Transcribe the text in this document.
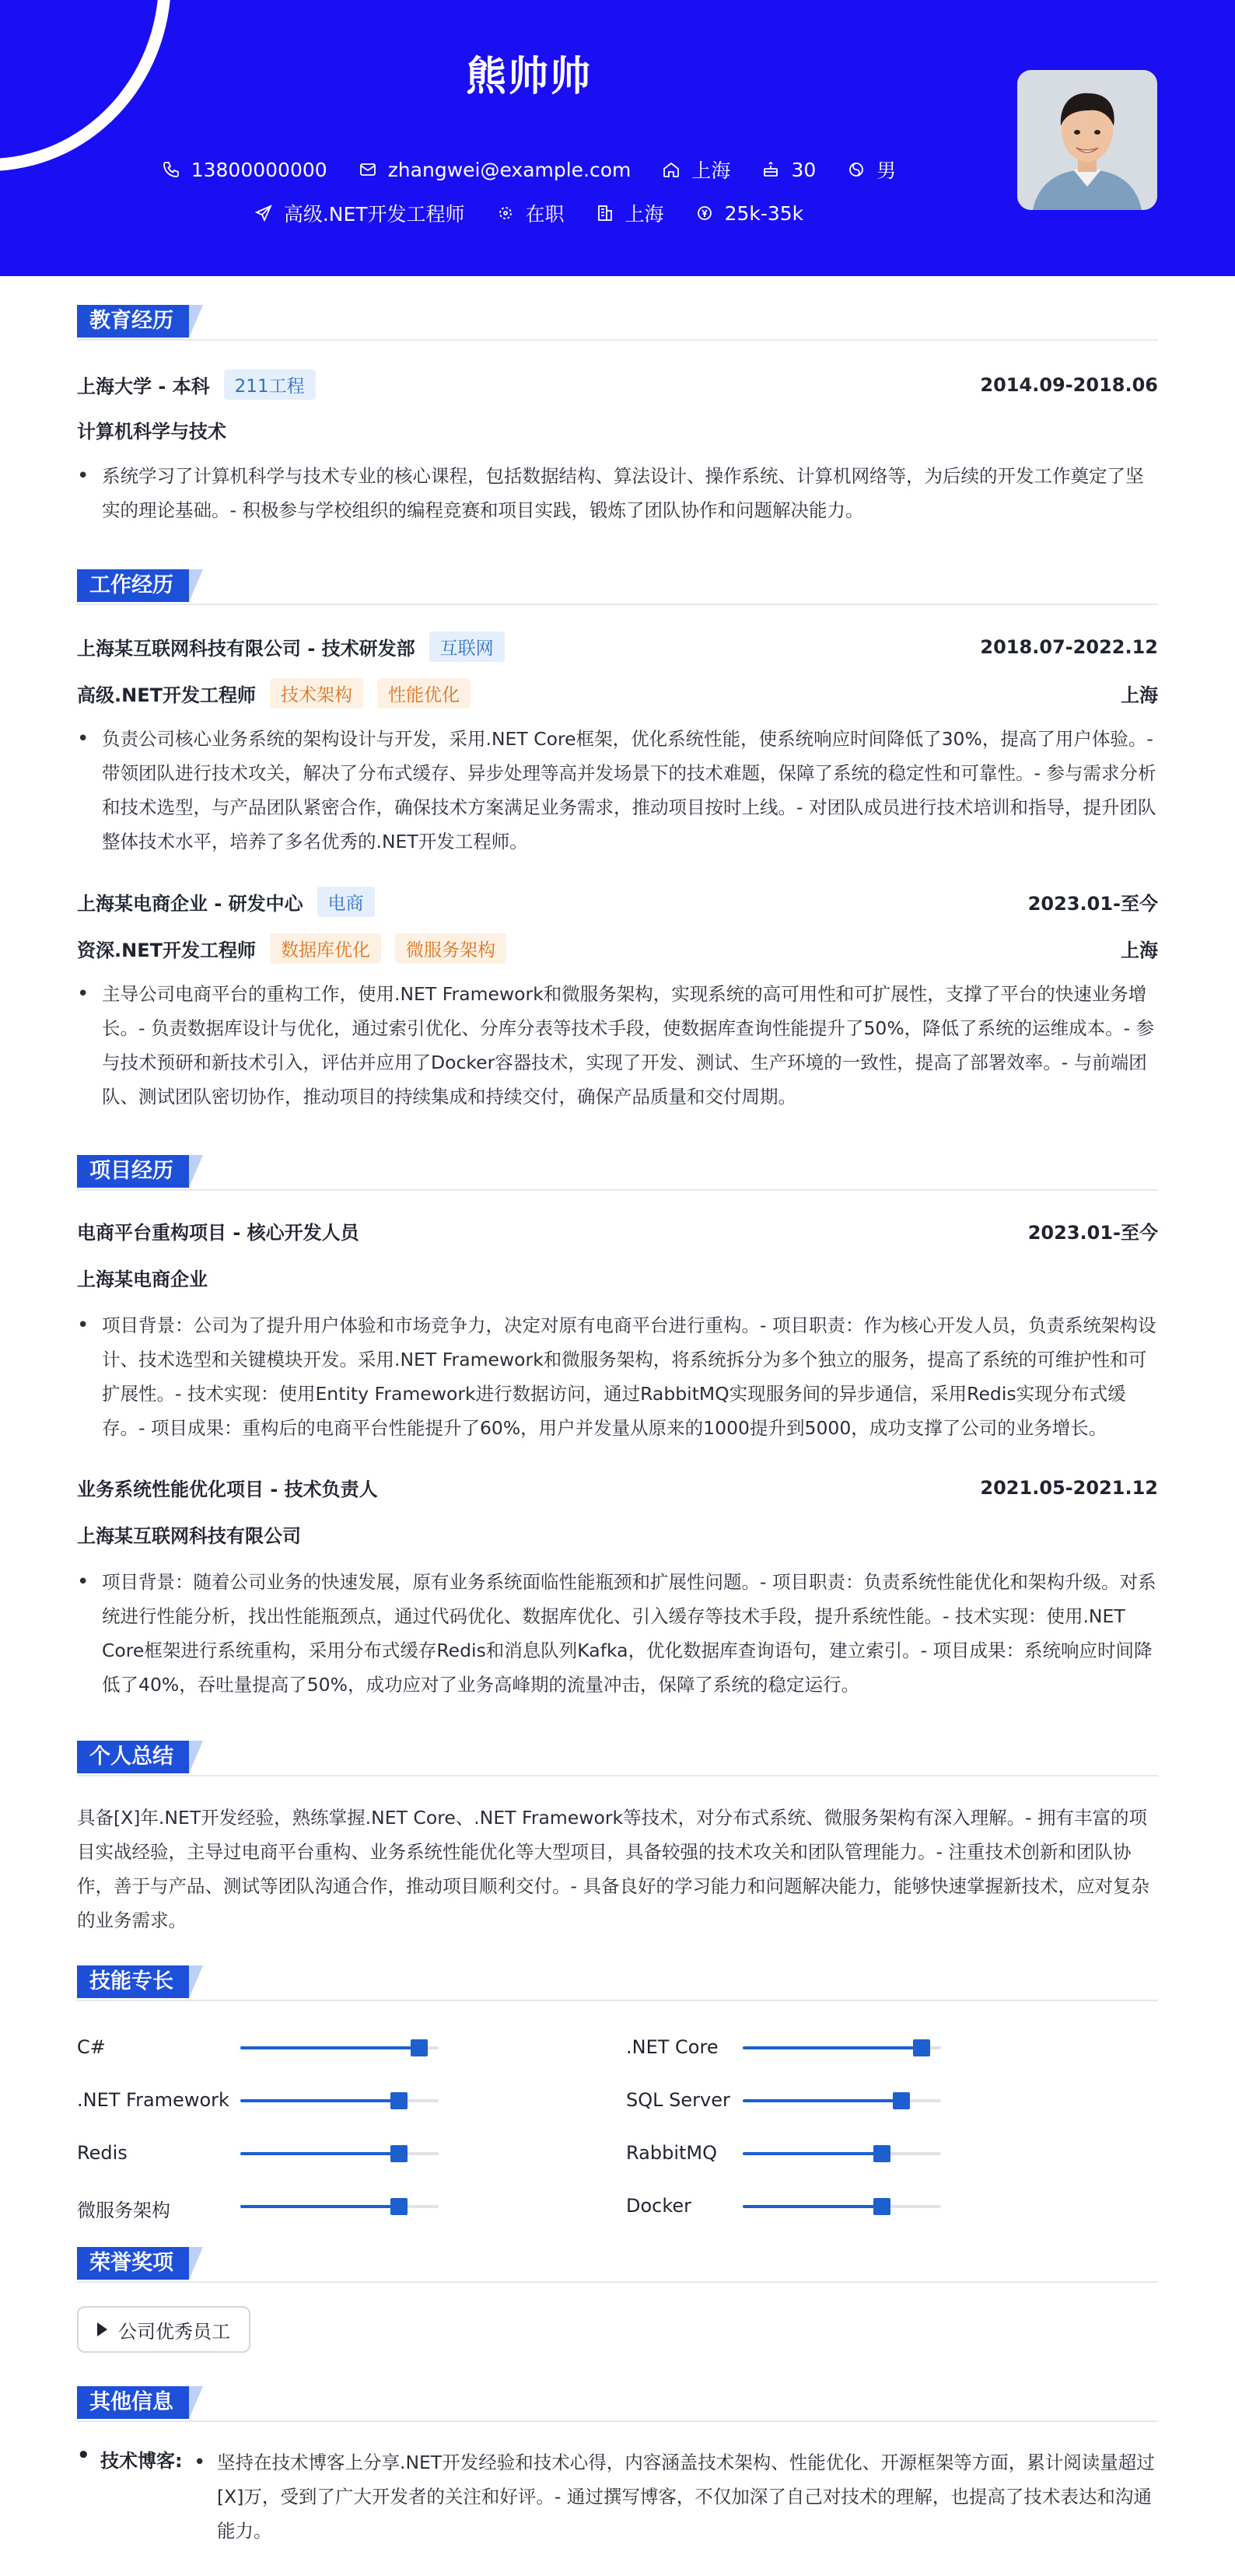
熊帅帅
13800000000	zhangwei@example.com	上海	30	男
高级.NET开发工程师	在职	上海	25k-35k
教育经历
上海大学 - 本科	211工程	2014.09-2018.06
计算机科学与技术
• 系统学习了计算机科学与技术专业的核心课程，包括数据结构、算法设计、操作系统、计算机网络等，为后续的开发工作奠定了坚实的理论基础。- 积极参与学校组织的编程竞赛和项目实践，锻炼了团队协作和问题解决能力。
工作经历
上海某互联网科技有限公司 - 技术研发部	互联网	2018.07-2022.12
高级.NET开发工程师	技术架构	性能优化	上海
• 负责公司核心业务系统的架构设计与开发，采用.NET Core框架，优化系统性能，使系统响应时间降低了30%，提高了用户体验。- 带领团队进行技术攻关，解决了分布式缓存、异步处理等高并发场景下的技术难题，保障了系统的稳定性和可靠性。- 参与需求分析和技术选型，与产品团队紧密合作，确保技术方案满足业务需求，推动项目按时上线。- 对团队成员进行技术培训和指导，提升团队整体技术水平，培养了多名优秀的.NET开发工程师。
上海某电商企业 - 研发中心	电商	2023.01-至今
资深.NET开发工程师	数据库优化	微服务架构	上海
• 主导公司电商平台的重构工作，使用.NET Framework和微服务架构，实现系统的高可用性和可扩展性，支撑了平台的快速业务增长。- 负责数据库设计与优化，通过索引优化、分库分表等技术手段，使数据库查询性能提升了50%，降低了系统的运维成本。- 参与技术预研和新技术引入，评估并应用了Docker容器技术，实现了开发、测试、生产环境的一致性，提高了部署效率。- 与前端团队、测试团队密切协作，推动项目的持续集成和持续交付，确保产品质量和交付周期。
项目经历
电商平台重构项目 - 核心开发人员	2023.01-至今
上海某电商企业
• 项目背景：公司为了提升用户体验和市场竞争力，决定对原有电商平台进行重构。- 项目职责：作为核心开发人员，负责系统架构设计、技术选型和关键模块开发。采用.NET Framework和微服务架构，将系统拆分为多个独立的服务，提高了系统的可维护性和可扩展性。- 技术实现：使用Entity Framework进行数据访问，通过RabbitMQ实现服务间的异步通信，采用Redis实现分布式缓存。- 项目成果：重构后的电商平台性能提升了60%，用户并发量从原来的1000提升到5000，成功支撑了公司的业务增长。
业务系统性能优化项目 - 技术负责人	2021.05-2021.12
上海某互联网科技有限公司
• 项目背景：随着公司业务的快速发展，原有业务系统面临性能瓶颈和扩展性问题。- 项目职责：负责系统性能优化和架构升级。对系统进行性能分析，找出性能瓶颈点，通过代码优化、数据库优化、引入缓存等技术手段，提升系统性能。- 技术实现：使用.NET Core框架进行系统重构，采用分布式缓存Redis和消息队列Kafka，优化数据库查询语句，建立索引。- 项目成果：系统响应时间降低了40%，吞吐量提高了50%，成功应对了业务高峰期的流量冲击，保障了系统的稳定运行。
个人总结
具备[X]年.NET开发经验，熟练掌握.NET Core、.NET Framework等技术，对分布式系统、微服务架构有深入理解。- 拥有丰富的项目实战经验，主导过电商平台重构、业务系统性能优化等大型项目，具备较强的技术攻关和团队管理能力。- 注重技术创新和团队协作，善于与产品、测试等团队沟通合作，推动项目顺利交付。- 具备良好的学习能力和问题解决能力，能够快速掌握新技术，应对复杂的业务需求。
技能专长
C#	.NET Core
.NET Framework	SQL Server
Redis	RabbitMQ
微服务架构	Docker
荣誉奖项
公司优秀员工
其他信息
• 技术博客:
•	坚持在技术博客上分享.NET开发经验和技术心得，内容涵盖技术架构、性能优化、开源框架等方面，累计阅读量超过[X]万，受到了广大开发者的关注和好评。- 通过撰写博客，不仅加深了自己对技术的理解，也提高了技术表达和沟通能力。
